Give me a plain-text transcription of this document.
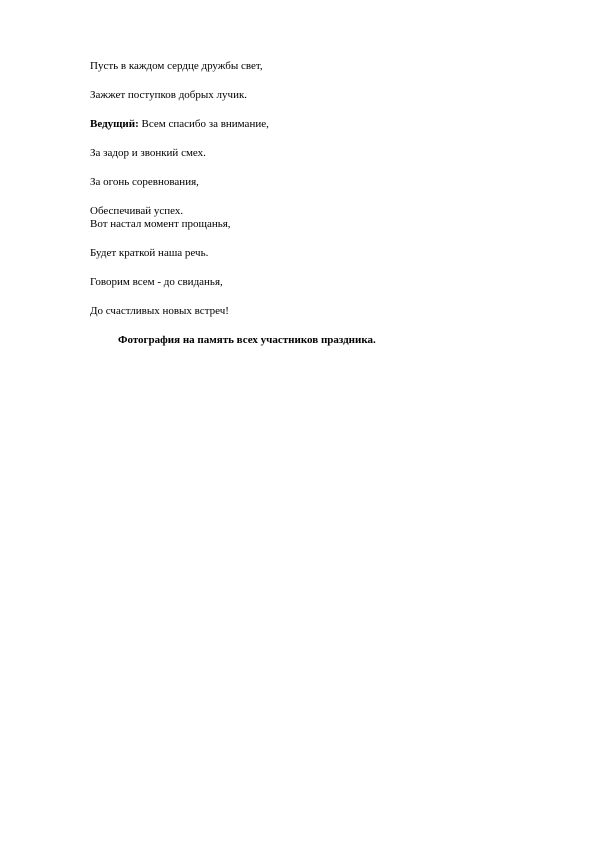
Пусть в каждом сердце дружбы свет,
Зажжет поступков добрых лучик.
Ведущий: Всем спасибо за внимание,
За задор и звонкий смех.
За огонь соревнования,
Обеспечивай успех.
Вот настал момент прощанья,
Будет краткой наша речь.
Говорим всем - до свиданья,
До счастливых новых встреч!
Фотография на память всех участников праздника.
